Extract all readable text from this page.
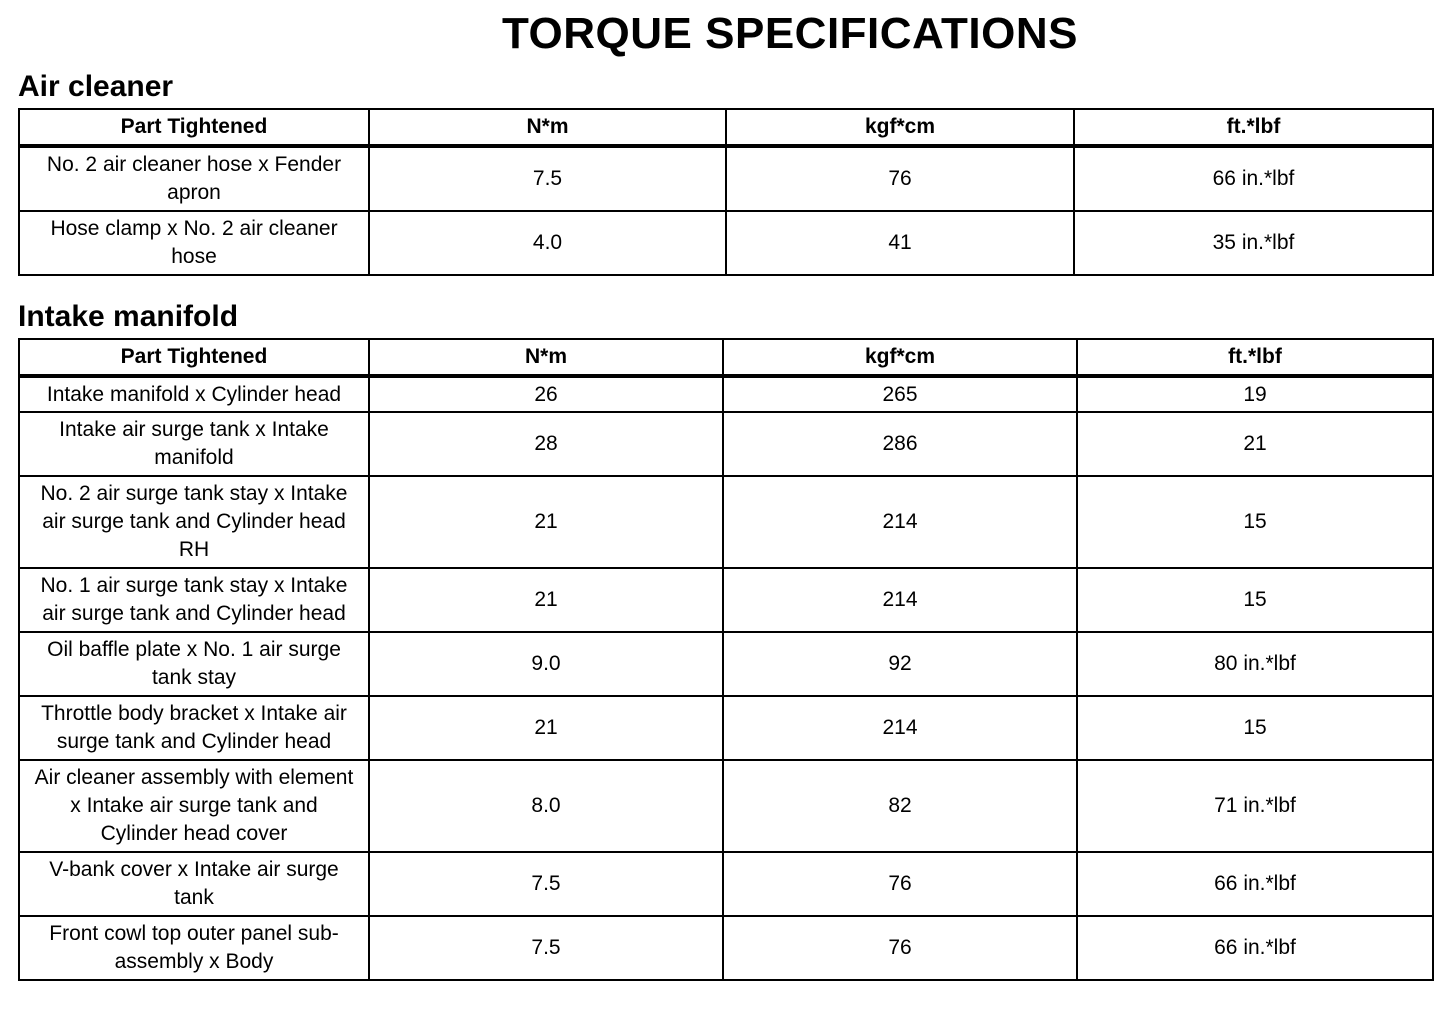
TORQUE SPECIFICATIONS
Air cleaner
Part Tightened	N*m	kgf*cm	ft.*lbf
No. 2 air cleaner hose x Fender apron	7.5	76	66 in.*lbf
Hose clamp x No. 2 air cleaner hose	4.0	41	35 in.*lbf
Intake manifold
Part Tightened	N*m	kgf*cm	ft.*lbf
Intake manifold x Cylinder head	26	265	19
Intake air surge tank x Intake manifold	28	286	21
No. 2 air surge tank stay x Intake air surge tank and Cylinder head RH	21	214	15
No. 1 air surge tank stay x Intake air surge tank and Cylinder head	21	214	15
Oil baffle plate x No. 1 air surge tank stay	9.0	92	80 in.*lbf
Throttle body bracket x Intake air surge tank and Cylinder head	21	214	15
Air cleaner assembly with element x Intake air surge tank and Cylinder head cover	8.0	82	71 in.*lbf
V-bank cover x Intake air surge tank	7.5	76	66 in.*lbf
Front cowl top outer panel sub-assembly x Body	7.5	76	66 in.*lbf
